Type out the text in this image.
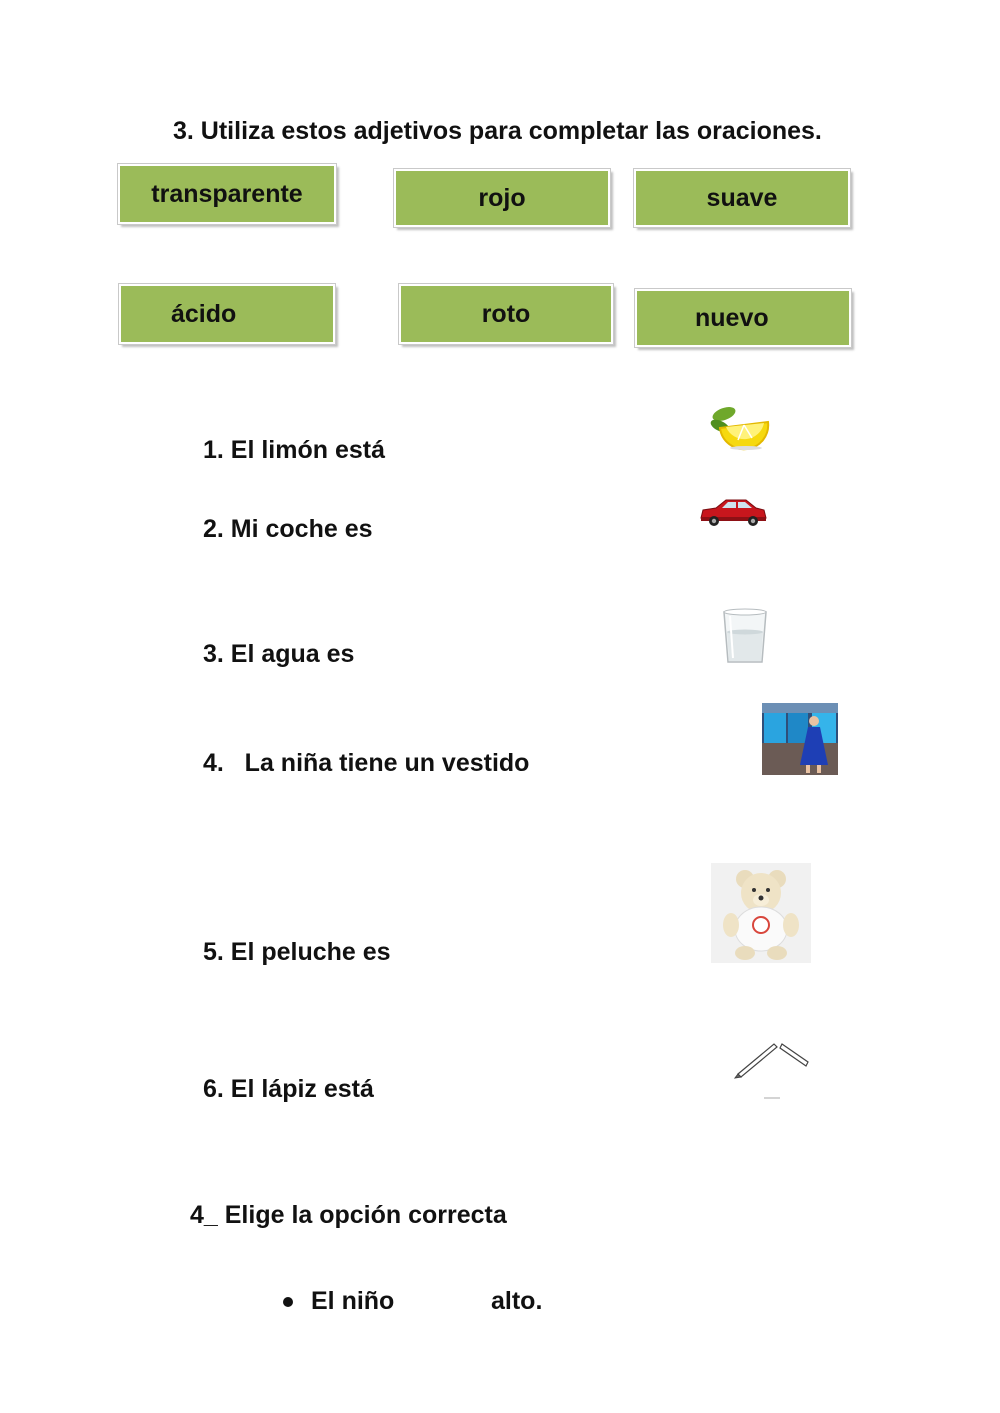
3. Utiliza estos adjetivos para completar las oraciones.
transparente	rojo	suave
ácido	roto	nuevo
1. El limón está
2. Mi coche es
3. El agua es
4.   La niña tiene un vestido
5. El peluche es
6. El lápiz está
4_ Elige la opción correcta
El niño	alto.
